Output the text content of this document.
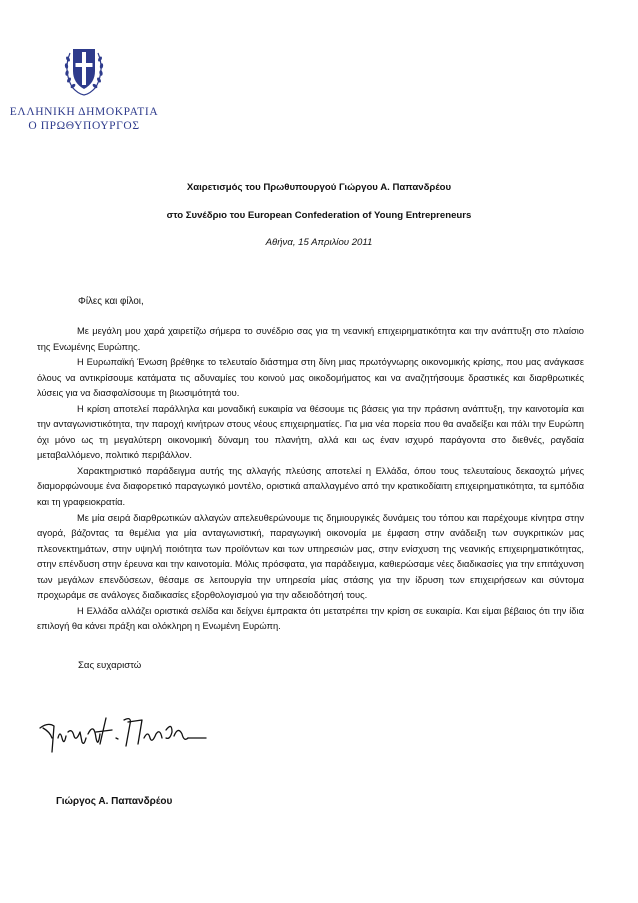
ΕΛΛΗΝΙΚΗ ΔΗΜΟΚΡΑΤΙΑ
Ο ΠΡΩΘΥΠΟΥΡΓΟΣ
Χαιρετισμός του Πρωθυπουργού Γιώργου Α. Παπανδρέου
στο Συνέδριο του European Confederation of Young Entrepreneurs
Αθήνα, 15 Απριλίου 2011
Φίλες και φίλοι,

Με μεγάλη μου χαρά χαιρετίζω σήμερα το συνέδριο σας για τη νεανική επιχειρηματικότητα και την ανάπτυξη στο πλαίσιο της Ενωμένης Ευρώπης.

Η Ευρωπαϊκή Ένωση βρέθηκε το τελευταίο διάστημα στη δίνη μιας πρωτόγνωρης οικονομικής κρίσης, που μας ανάγκασε όλους να αντικρίσουμε κατάματα τις αδυναμίες του κοινού μας οικοδομήματος και να αναζητήσουμε δραστικές και διαρθρωτικές λύσεις για να διασφαλίσουμε τη βιωσιμότητά του.

Η κρίση αποτελεί παράλληλα και μοναδική ευκαιρία να θέσουμε τις βάσεις για την πράσινη ανάπτυξη, την καινοτομία και την ανταγωνιστικότητα, την παροχή κινήτρων στους νέους επιχειρηματίες. Για μια νέα πορεία που θα αναδείξει και πάλι την Ευρώπη όχι μόνο ως τη μεγαλύτερη οικονομική δύναμη του πλανήτη, αλλά και ως έναν ισχυρό παράγοντα στο διεθνές, ραγδαία μεταβαλλόμενο, πολιτικό περιβάλλον.

Χαρακτηριστικό παράδειγμα αυτής της αλλαγής πλεύσης αποτελεί η Ελλάδα, όπου τους τελευταίους δεκαοχτώ μήνες διαμορφώνουμε ένα διαφορετικό παραγωγικό μοντέλο, οριστικά απαλλαγμένο από την κρατικοδίαιτη επιχειρηματικότητα, τα εμπόδια και τη γραφειοκρατία.

Με μία σειρά διαρθρωτικών αλλαγών απελευθερώνουμε τις δημιουργικές δυνάμεις του τόπου και παρέχουμε κίνητρα στην αγορά, βάζοντας τα θεμέλια για μία ανταγωνιστική, παραγωγική οικονομία με έμφαση στην ανάδειξη των συγκριτικών μας πλεονεκτημάτων, στην υψηλή ποιότητα των προϊόντων και των υπηρεσιών μας, στην ενίσχυση της νεανικής επιχειρηματικότητας, στην επένδυση στην έρευνα και την καινοτομία. Μόλις πρόσφατα, για παράδειγμα, καθιερώσαμε νέες διαδικασίες για την επιτάχυνση των μεγάλων επενδύσεων, θέσαμε σε λειτουργία την υπηρεσία μίας στάσης για την ίδρυση των επιχειρήσεων και σύντομα προχωράμε σε ανάλογες διαδικασίες εξορθολογισμού για την αδειοδότησή τους.

Η Ελλάδα αλλάζει οριστικά σελίδα και δείχνει έμπρακτα ότι μετατρέπει την κρίση σε ευκαιρία. Και είμαι βέβαιος ότι την ίδια επιλογή θα κάνει πράξη και ολόκληρη η Ενωμένη Ευρώπη.

Σας ευχαριστώ
Γιώργος Α. Παπανδρέου
